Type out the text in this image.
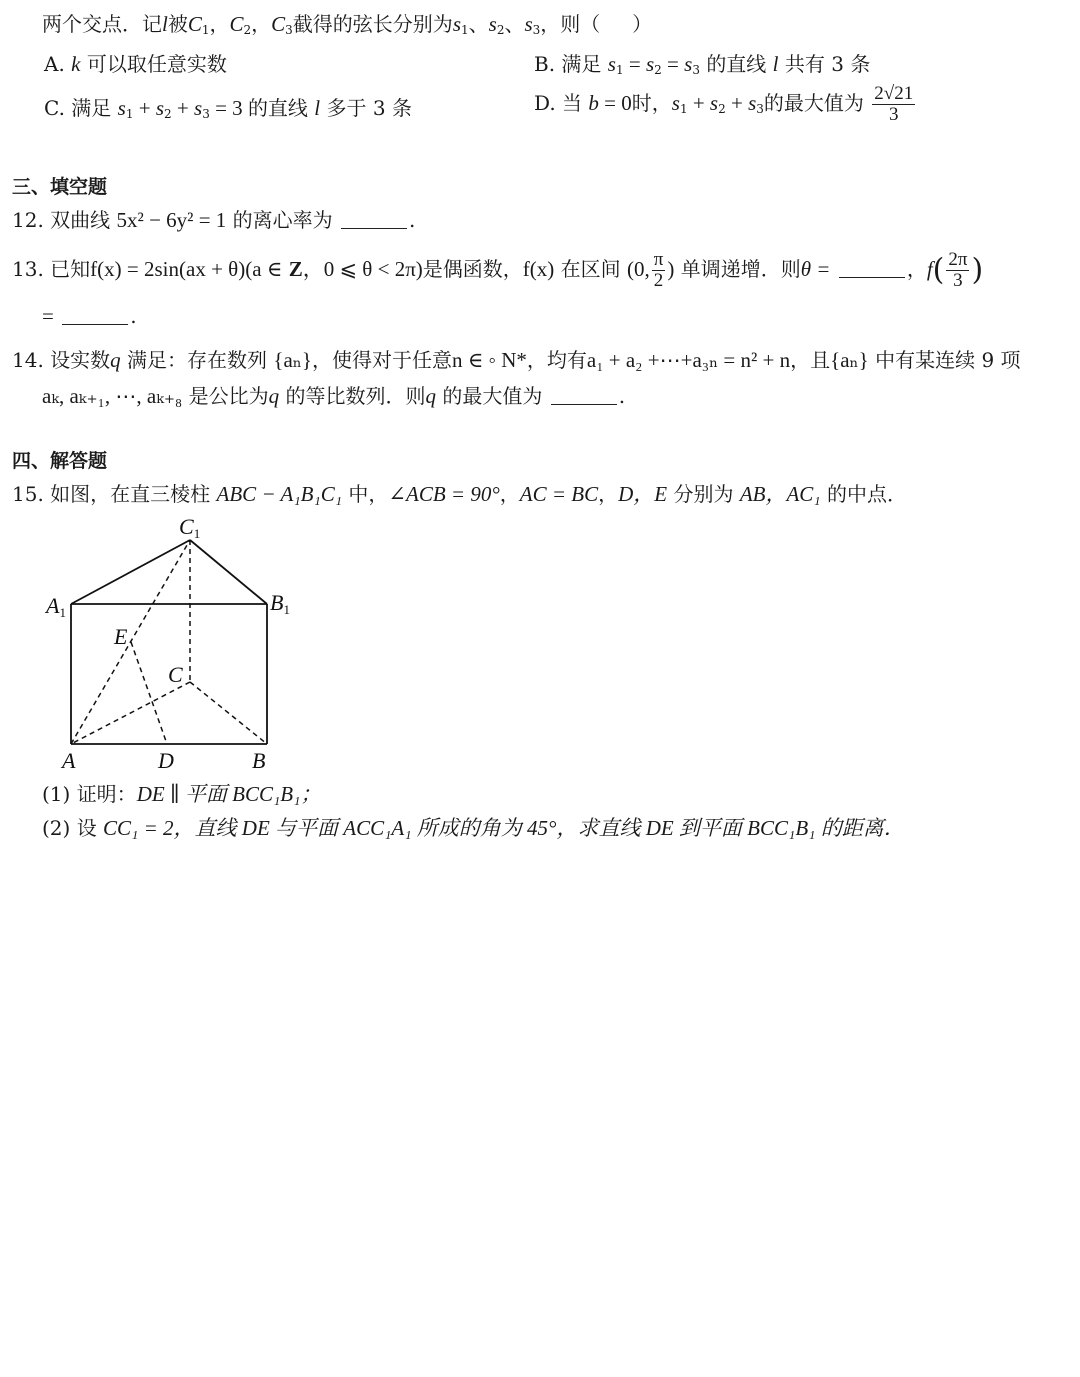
两个交点．记l被$C_1$，$C_2$，$C_3$截得的弦长分别为$s_1$、$s_2$、$s_3$，则（ ）
A. k 可以取任意实数	B. 满足 $s_1 = s_2 = s_3$ 的直线 l 共有 3 条
C. 满足 $s_1 + s_2 + s_3 = 3$ 的直线 l 多于 3 条	D. 当 b = 0时，$s_1 + s_2 + s_3$的最大值为 $\frac{2√21}{3}$
三、填空题
12. 双曲线 5x² − 6y² = 1 的离心率为	.
13. 已知f(x) = 2sin(ax + θ)(a ∈ Z，0 ⩽ θ < 2π)是偶函数，f(x) 在区间 (0, $\frac{\pi}{2}$ ) 单调递增．则θ =	，$f( \frac{2\pi}{3}$ )
=	.
14. 设实数q 满足：存在数列 {aₙ}，使得对于任意n ∈ ◦ N*，均有a₁ + a₂ +⋯+a₃ₙ = n² + n，且{aₙ} 中有某连续 9 项
aₖ, aₖ₊₁, ⋯, aₖ₊₈ 是公比为q 的等比数列．则q 的最大值为	.
四、解答题
15. 如图，在直三棱柱 ABC − A₁B₁C₁ 中，∠ACB = 90°，AC = BC，D，E 分别为 AB，AC₁ 的中点．
C1
A1	B1
E
C
A	D	B
(1) 证明：DE ∥ 平面 BCC₁B₁；
(2) 设 CC₁ = 2，直线 DE 与平面 ACC₁A₁ 所成的角为 45°，求直线 DE 到平面 BCC₁B₁ 的距离．
